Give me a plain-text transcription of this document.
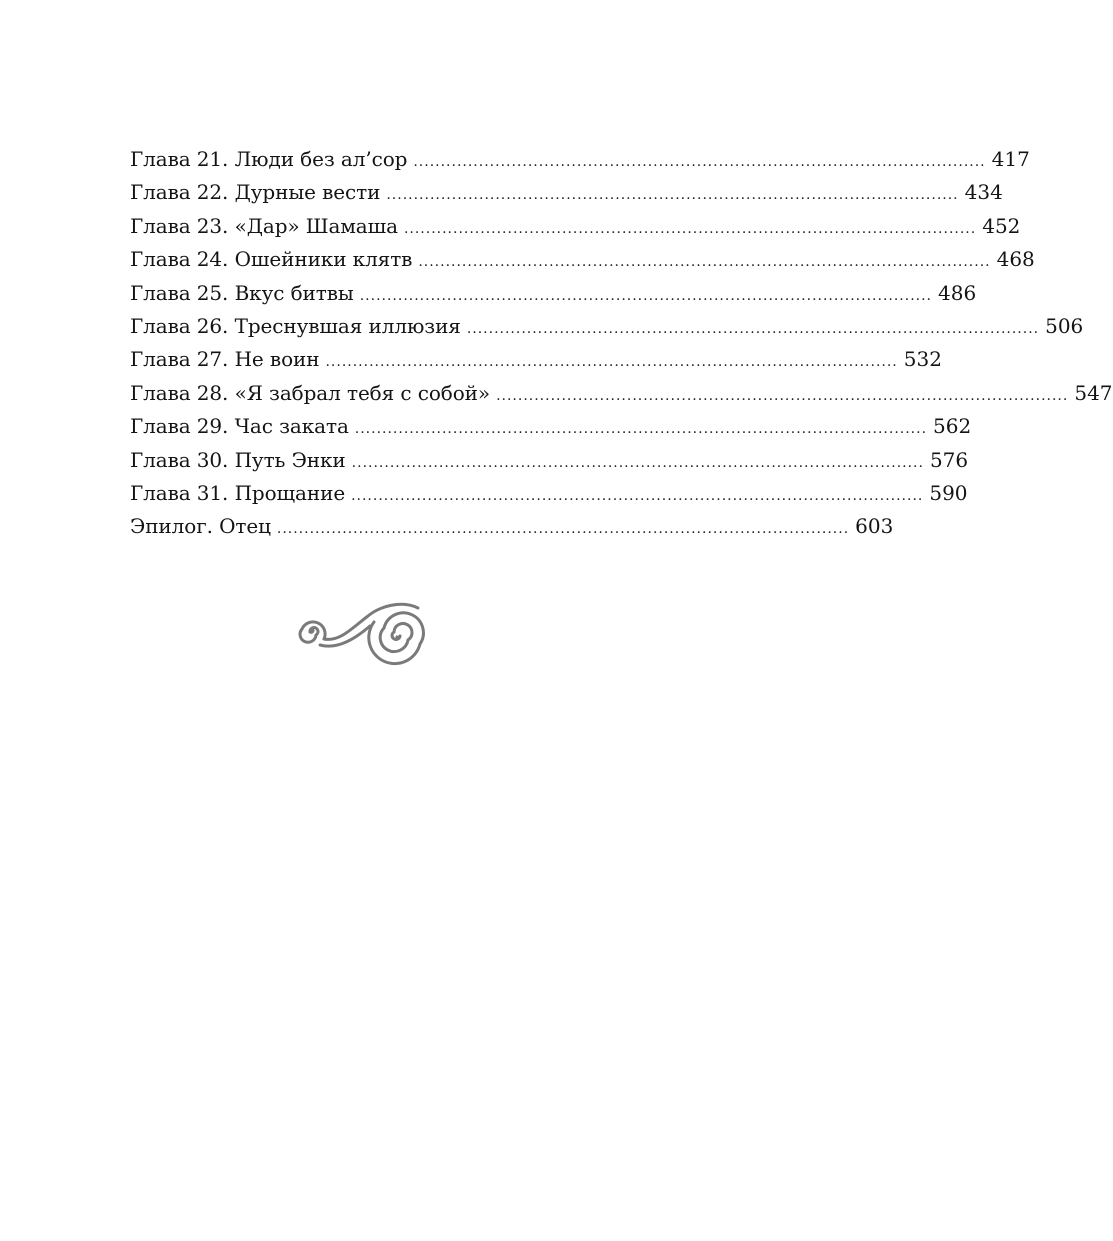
Глава 21. Люди без ал’сор ......................................................................................................... 417
Глава 22. Дурные вести ......................................................................................................... 434
Глава 23. «Дар» Шамаша ......................................................................................................... 452
Глава 24. Ошейники клятв ......................................................................................................... 468
Глава 25. Вкус битвы ......................................................................................................... 486
Глава 26. Треснувшая иллюзия ......................................................................................................... 506
Глава 27. Не воин ......................................................................................................... 532
Глава 28. «Я забрал тебя с собой» ......................................................................................................... 547
Глава 29. Час заката ......................................................................................................... 562
Глава 30. Путь Энки ......................................................................................................... 576
Глава 31. Прощание ......................................................................................................... 590
Эпилог. Отец ......................................................................................................... 603
